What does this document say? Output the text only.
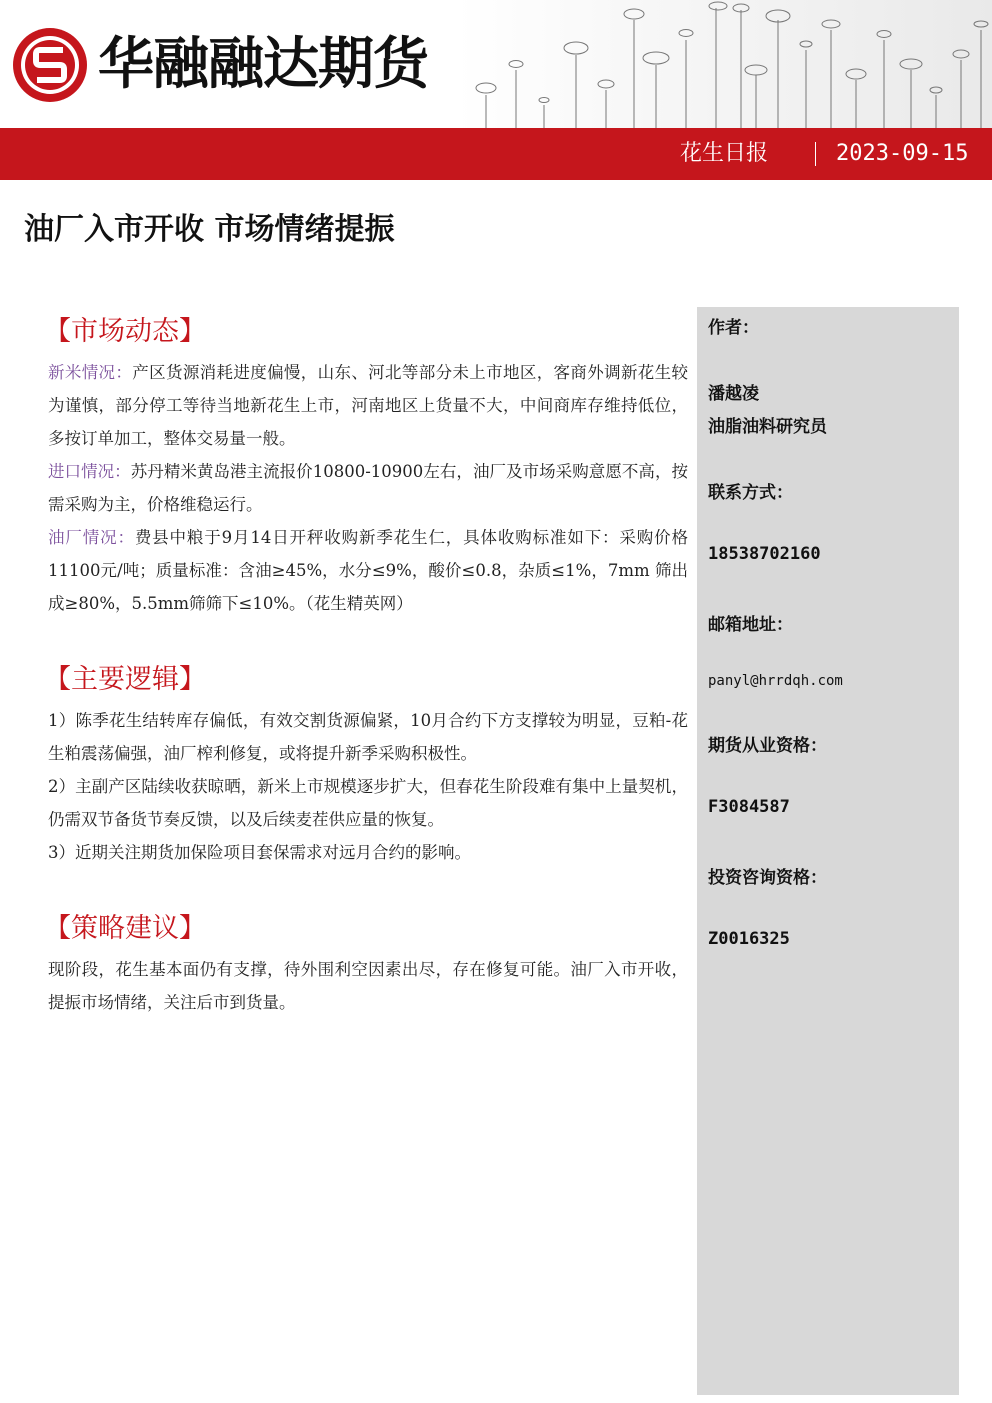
华融融达期货
花生日报	2023-09-15
油厂入市开收 市场情绪提振
【市场动态】

新米情况：产区货源消耗进度偏慢，山东、河北等部分未上市地区，客商外调新花生较为谨慎，部分停工等待当地新花生上市，河南地区上货量不大，中间商库存维持低位，多按订单加工，整体交易量一般。

进口情况：苏丹精米黄岛港主流报价10800-10900左右，油厂及市场采购意愿不高，按需采购为主，价格维稳运行。

油厂情况：费县中粮于9月14日开秤收购新季花生仁，具体收购标准如下：采购价格11100元/吨；质量标准：含油≥45%，水分≤9%，酸价≤0.8，杂质≤1%，7mm 筛出成≥80%，5.5mm筛筛下≤10%。（花生精英网）

【主要逻辑】

1）陈季花生结转库存偏低，有效交割货源偏紧，10月合约下方支撑较为明显，豆粕-花生粕震荡偏强，油厂榨利修复，或将提升新季采购积极性。

2）主副产区陆续收获晾晒，新米上市规模逐步扩大，但春花生阶段难有集中上量契机，仍需双节备货节奏反馈，以及后续麦茬供应量的恢复。

3）近期关注期货加保险项目套保需求对远月合约的影响。

【策略建议】

现阶段，花生基本面仍有支撑，待外围利空因素出尽，存在修复可能。油厂入市开收，提振市场情绪，关注后市到货量。

作者：
潘越凌
油脂油料研究员
联系方式：
18538702160
邮箱地址：
panyl@hrrdqh.com
期货从业资格：
F3084587
投资咨询资格：
Z0016325
